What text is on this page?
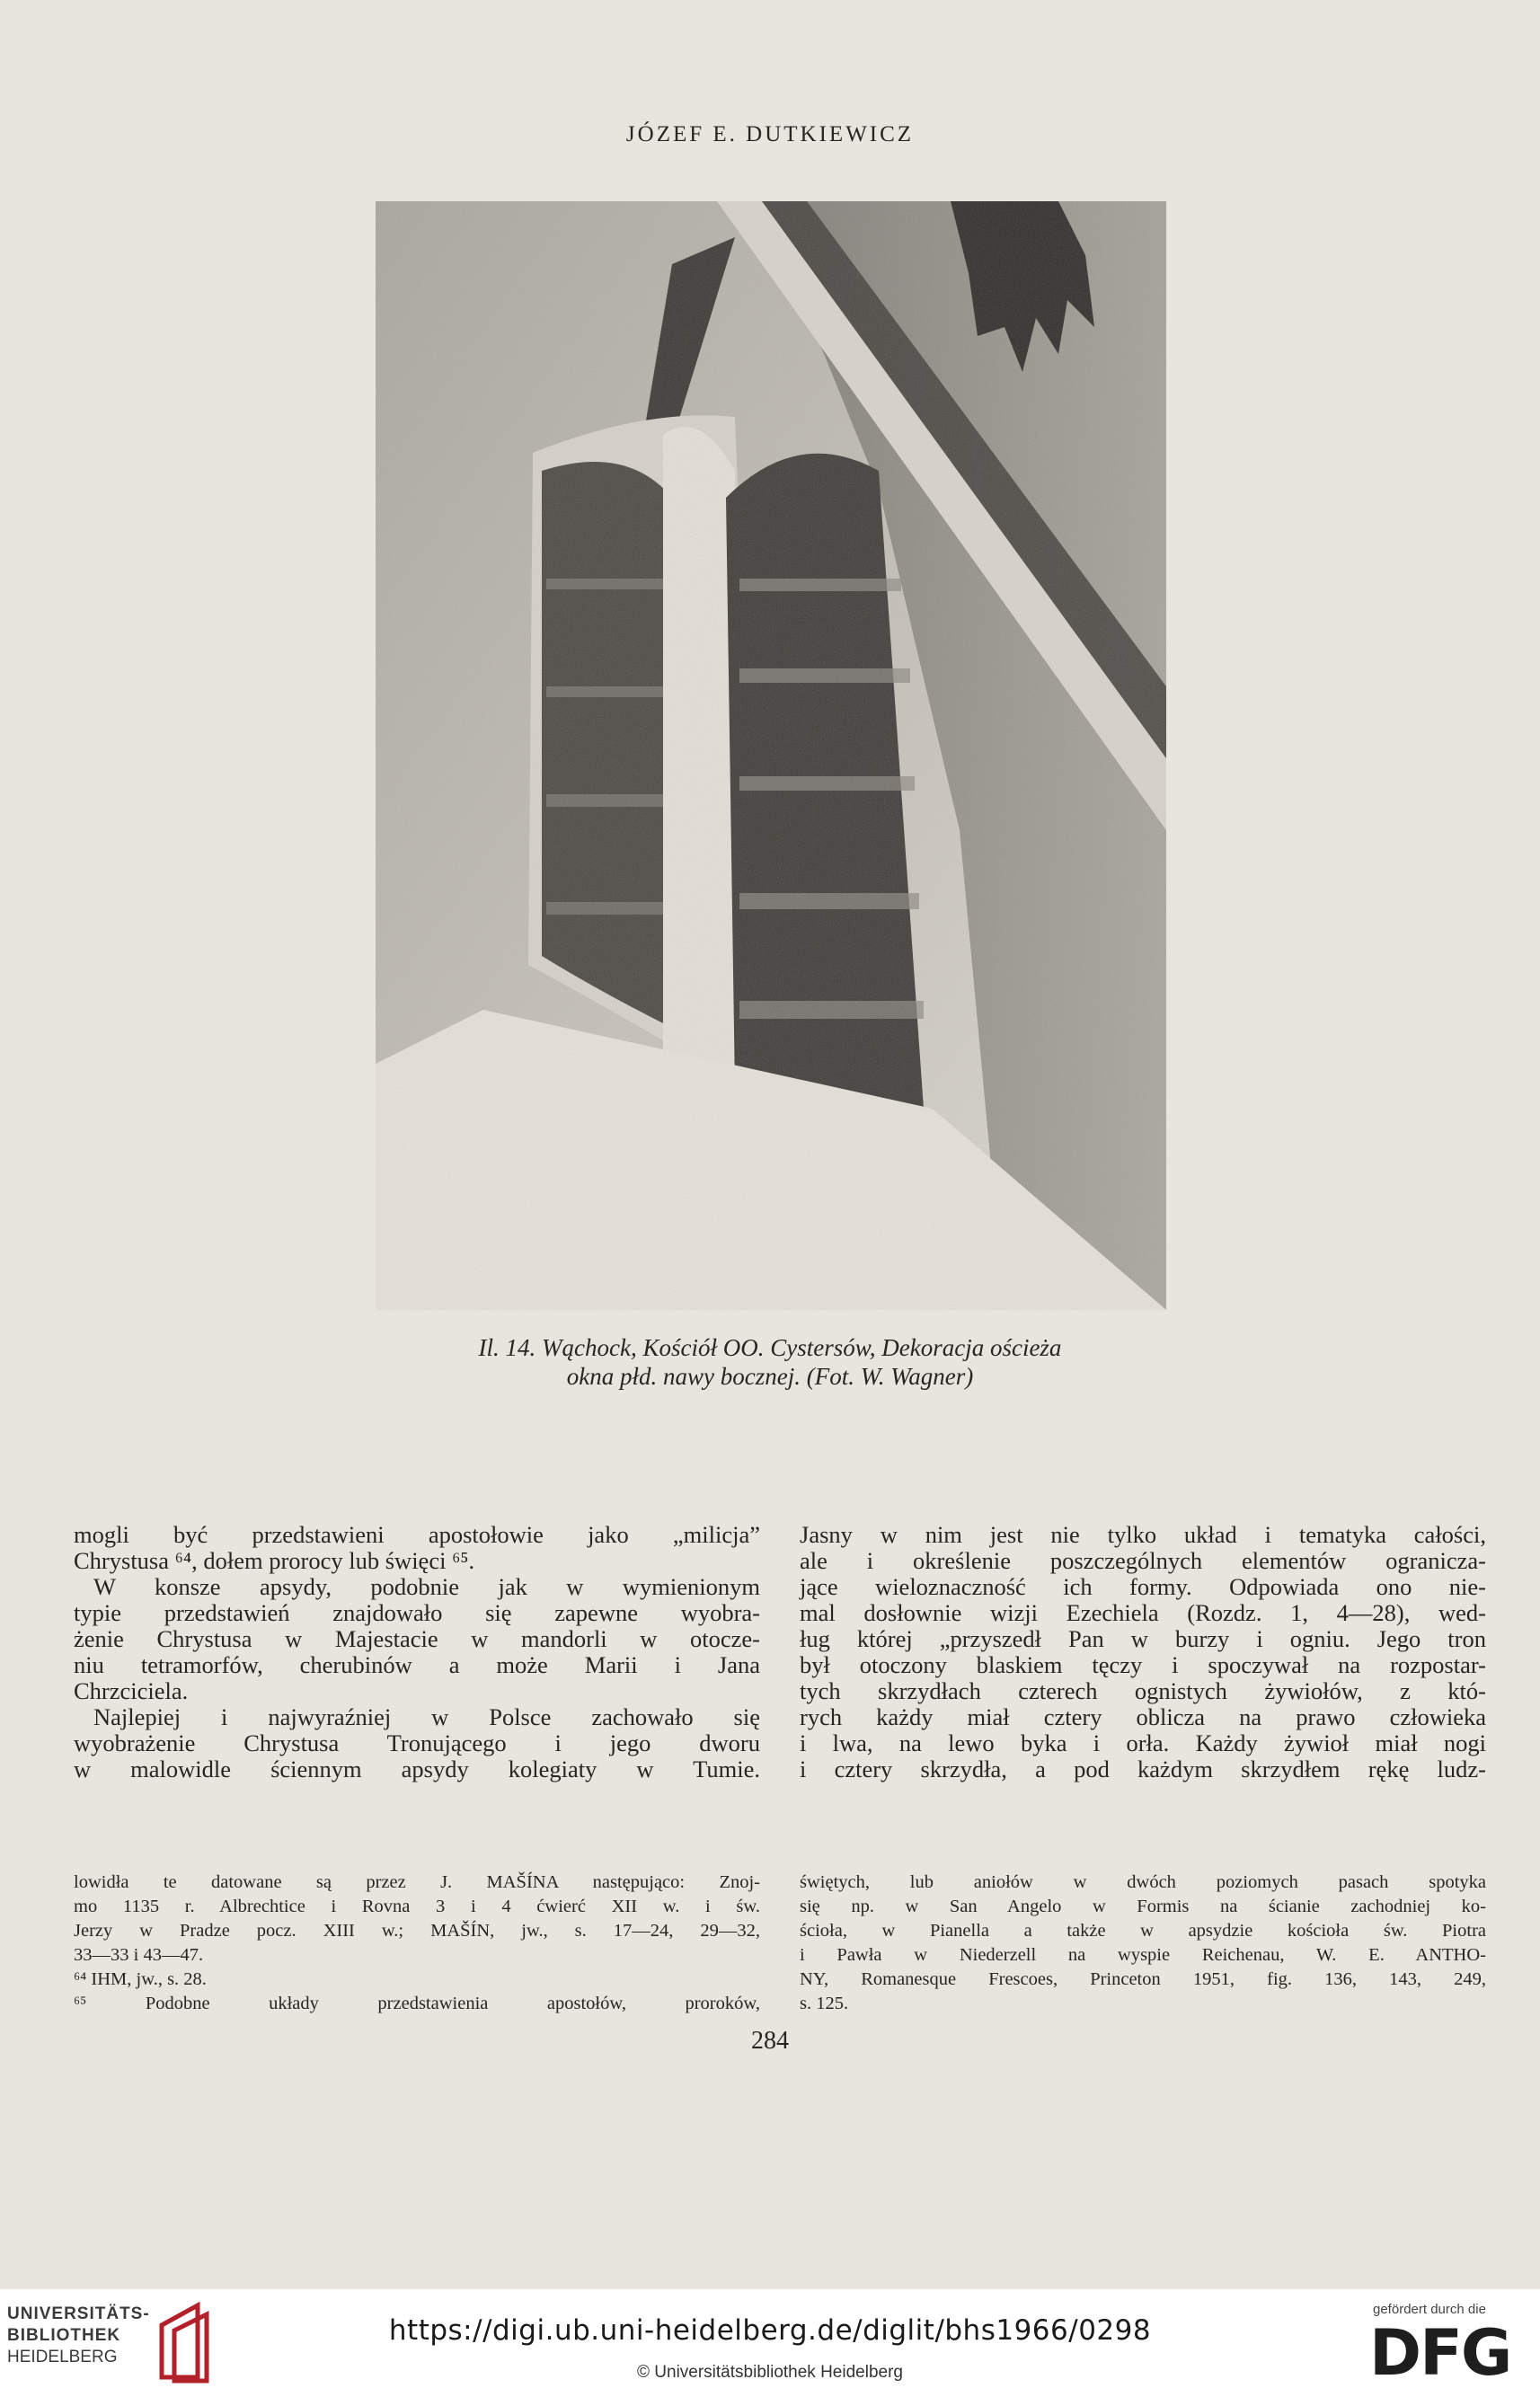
JÓZEF E. DUTKIEWICZ
Il. 14. Wąchock, Kościół OO. Cystersów, Dekoracja ościeża
okna płd. nawy bocznej. (Fot. W. Wagner)
mogli być przedstawieni apostołowie jako „milicja”
Chrystusa ⁶⁴, dołem prorocy lub święci ⁶⁵.
W konsze apsydy, podobnie jak w wymienionym
typie przedstawień znajdowało się zapewne wyobra-
żenie Chrystusa w Majestacie w mandorli w otocze-
niu tetramorfów, cherubinów a może Marii i Jana
Chrzciciela.
Najlepiej i najwyraźniej w Polsce zachowało się
wyobrażenie Chrystusa Tronującego i jego dworu
w malowidle ściennym apsydy kolegiaty w Tumie.
Jasny w nim jest nie tylko układ i tematyka całości,
ale i określenie poszczególnych elementów ogranicza-
jące wieloznaczność ich formy. Odpowiada ono nie-
mal dosłownie wizji Ezechiela (Rozdz. 1, 4—28), wed-
ług której „przyszedł Pan w burzy i ogniu. Jego tron
był otoczony blaskiem tęczy i spoczywał na rozpostar-
tych skrzydłach czterech ognistych żywiołów, z któ-
rych każdy miał cztery oblicza na prawo człowieka
i lwa, na lewo byka i orła. Każdy żywioł miał nogi
i cztery skrzydła, a pod każdym skrzydłem rękę ludz-
lowidła te datowane są przez J. MAŠÍNA następująco: Znoj-
mo 1135 r. Albrechtice i Rovna 3 i 4 ćwierć XII w. i św.
Jerzy w Pradze pocz. XIII w.; MAŠÍN, jw., s. 17—24, 29—32,
33—33 i 43—47.
⁶⁴ IHM, jw., s. 28.
⁶⁵ Podobne układy przedstawienia apostołów, proroków,
świętych, lub aniołów w dwóch poziomych pasach spotyka
się np. w San Angelo w Formis na ścianie zachodniej ko-
ścioła, w Pianella a także w apsydzie kościoła św. Piotra
i Pawła w Niederzell na wyspie Reichenau, W. E. ANTHO-
NY, Romanesque Frescoes, Princeton 1951, fig. 136, 143, 249,
s. 125.
284
UNIVERSITÄTS-
BIBLIOTHEK
HEIDELBERG
https://digi.ub.uni-heidelberg.de/diglit/bhs1966/0298
© Universitätsbibliothek Heidelberg
gefördert durch die
DFG
